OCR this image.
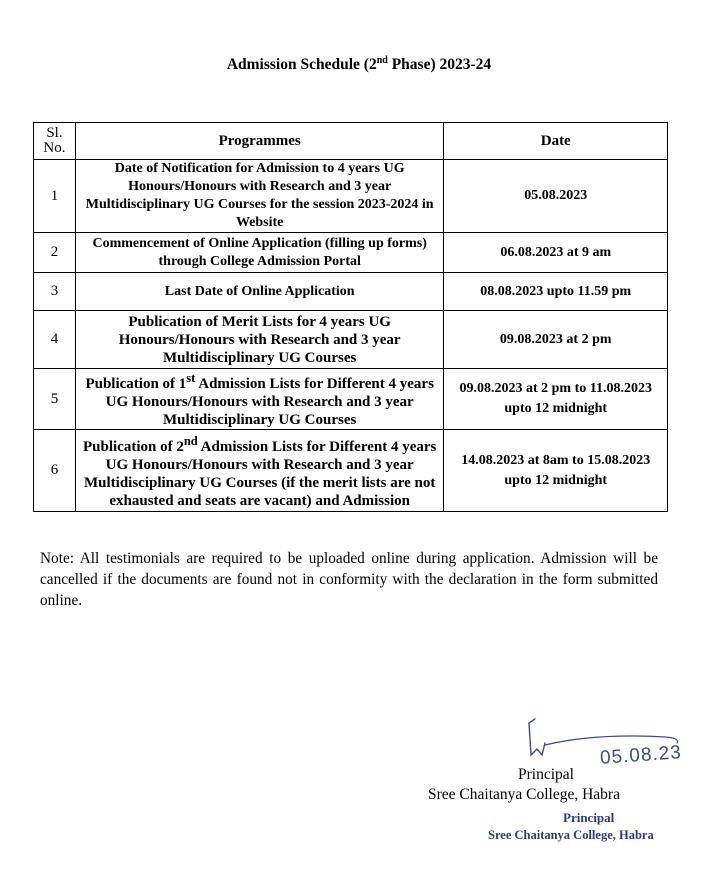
Admission Schedule (2nd Phase) 2023-24
Sl. No.	Programmes	Date
1	Date of Notification for Admission to 4 years UG Honours/Honours with Research and 3 year Multidisciplinary UG Courses for the session 2023-2024 in Website	05.08.2023
2	Commencement of Online Application (filling up forms) through College Admission Portal	06.08.2023 at 9 am
3	Last Date of Online Application	08.08.2023 upto 11.59 pm
4	Publication of Merit Lists for 4 years UG Honours/Honours with Research and 3 year Multidisciplinary UG Courses	09.08.2023 at 2 pm
5	Publication of 1st Admission Lists for Different 4 years UG Honours/Honours with Research and 3 year Multidisciplinary UG Courses	09.08.2023 at 2 pm to 11.08.2023 upto 12 midnight
6	Publication of 2nd Admission Lists for Different 4 years UG Honours/Honours with Research and 3 year Multidisciplinary UG Courses (if the merit lists are not exhausted and seats are vacant) and Admission	14.08.2023 at 8am to 15.08.2023 upto 12 midnight
Note: All testimonials are required to be uploaded online during application. Admission will be cancelled if the documents are found not in conformity with the declaration in the form submitted online.
05.08.23
Principal
Sree Chaitanya College, Habra
Principal
Sree Chaitanya College, Habra
